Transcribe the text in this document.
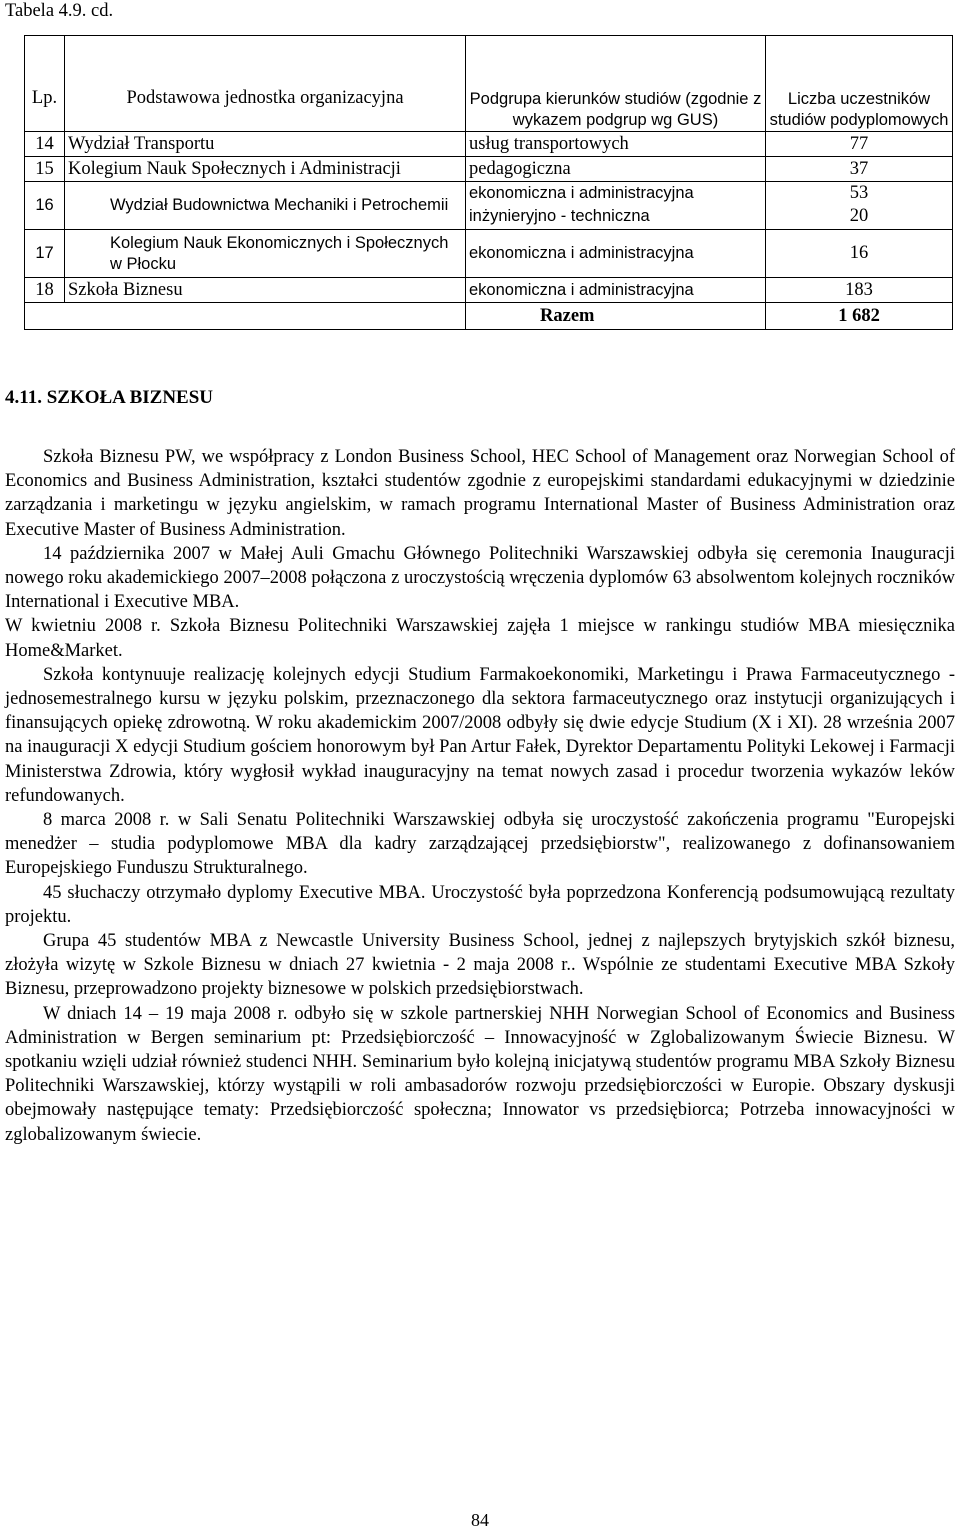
Tabela 4.9. cd.
Lp.	Podstawowa jednostka organizacyjna	Podgrupa kierunków studiów (zgodnie z wykazem podgrup wg GUS)	Liczba uczestników studiów podyplomowych
14	Wydział Transportu	usług transportowych	77
15	Kolegium Nauk Społecznych i Administracji	pedagogiczna	37
16	Wydział Budownictwa Mechaniki i Petrochemii	ekonomiczna i administracyjna	53
		inżynieryjno - techniczna	20
17	Kolegium Nauk Ekonomicznych i Społecznych w Płocku	ekonomiczna i administracyjna	16
18	Szkoła Biznesu	ekonomiczna i administracyjna	183
		Razem	1 682
4.11. SZKOŁA BIZNESU

Szkoła Biznesu PW, we współpracy z London Business School, HEC School of Management oraz Norwegian School of Economics and Business Administration, kształci studentów zgodnie z europejskimi standardami edukacyjnymi w dziedzinie zarządzania i marketingu w języku angielskim, w ramach programu International Master of Business Administration oraz Executive Master of Business Administration.

14 października 2007 w Małej Auli Gmachu Głównego Politechniki Warszawskiej odbyła się ceremonia Inauguracji nowego roku akademickiego 2007–2008 połączona z uroczystością wręczenia dyplomów 63 absolwentom kolejnych roczników International i Executive MBA.

W kwietniu 2008 r. Szkoła Biznesu Politechniki Warszawskiej zajęła 1 miejsce w rankingu studiów MBA miesięcznika Home&Market.

Szkoła kontynuuje realizację kolejnych edycji Studium Farmakoekonomiki, Marketingu i Prawa Farmaceutycznego - jednosemestralnego kursu w języku polskim, przeznaczonego dla sektora farmaceutycznego oraz instytucji organizujących i finansujących opiekę zdrowotną. W roku akademickim 2007/2008 odbyły się dwie edycje Studium (X i XI). 28 września 2007 na inauguracji X edycji Studium gościem honorowym był Pan Artur Fałek, Dyrektor Departamentu Polityki Lekowej i Farmacji Ministerstwa Zdrowia, który wygłosił wykład inauguracyjny na temat nowych zasad i procedur tworzenia wykazów leków refundowanych.

8 marca 2008 r. w Sali Senatu Politechniki Warszawskiej odbyła się uroczystość zakończenia programu "Europejski menedżer – studia podyplomowe MBA dla kadry zarządzającej przedsiębiorstw", realizowanego z dofinansowaniem Europejskiego Funduszu Strukturalnego.

45 słuchaczy otrzymało dyplomy Executive MBA. Uroczystość była poprzedzona Konferencją podsumowującą rezultaty projektu.

Grupa 45 studentów MBA z Newcastle University Business School, jednej z najlepszych brytyjskich szkół biznesu, złożyła wizytę w Szkole Biznesu w dniach 27 kwietnia - 2 maja 2008 r.. Wspólnie ze studentami Executive MBA Szkoły Biznesu, przeprowadzono projekty biznesowe w polskich przedsiębiorstwach.

W dniach 14 – 19 maja 2008 r. odbyło się w szkole partnerskiej NHH Norwegian School of Economics and Business Administration w Bergen seminarium pt: Przedsiębiorczość – Innowacyjność w Zglobalizowanym Świecie Biznesu. W spotkaniu wzięli udział również studenci NHH. Seminarium było kolejną inicjatywą studentów programu MBA Szkoły Biznesu Politechniki Warszawskiej, którzy wystąpili w roli ambasadorów rozwoju przedsiębiorczości w Europie. Obszary dyskusji obejmowały następujące tematy: Przedsiębiorczość społeczna; Innowator vs przedsiębiorca; Potrzeba innowacyjności w zglobalizowanym świecie.

84
